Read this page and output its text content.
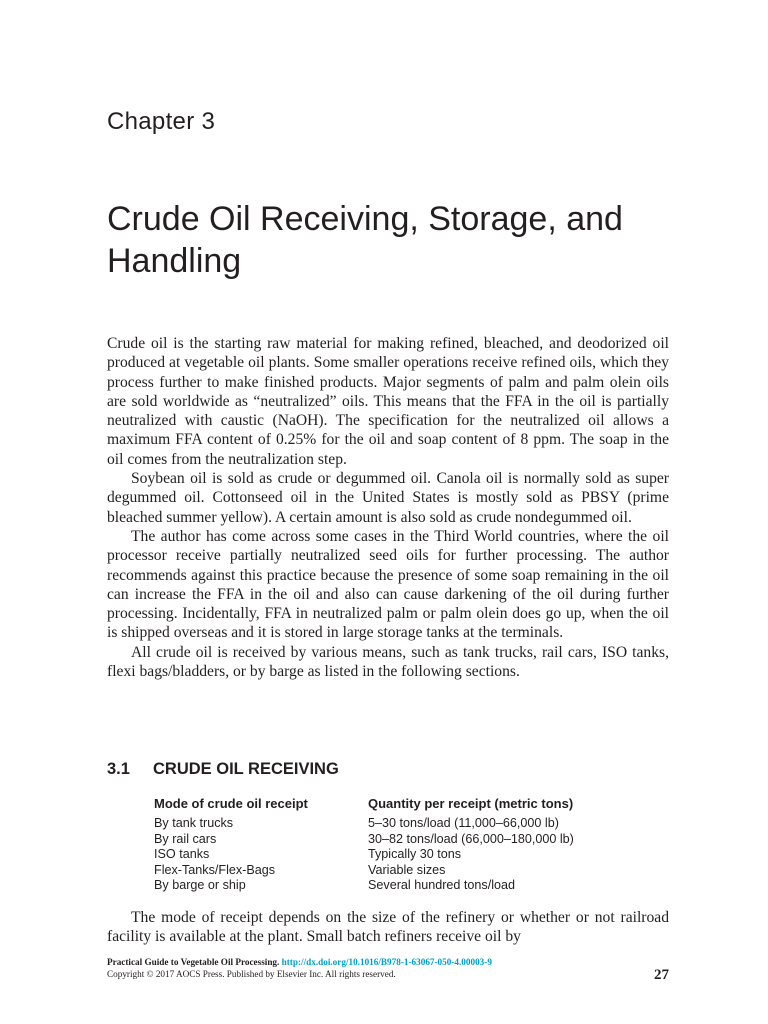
Chapter 3
Crude Oil Receiving, Storage, and Handling

Crude oil is the starting raw material for making refined, bleached, and deodorized oil produced at vegetable oil plants. Some smaller operations receive refined oils, which they process further to make finished products. Major segments of palm and palm olein oils are sold worldwide as “neutralized” oils. This means that the FFA in the oil is partially neutralized with caustic (NaOH). The specification for the neutralized oil allows a maximum FFA content of 0.25% for the oil and soap content of 8 ppm. The soap in the oil comes from the neutralization step.

Soybean oil is sold as crude or degummed oil. Canola oil is normally sold as super degummed oil. Cottonseed oil in the United States is mostly sold as PBSY (prime bleached summer yellow). A certain amount is also sold as crude nondegummed oil.

The author has come across some cases in the Third World countries, where the oil processor receive partially neutralized seed oils for further processing. The author recommends against this practice because the presence of some soap remaining in the oil can increase the FFA in the oil and also can cause darkening of the oil during further processing. Incidentally, FFA in neutralized palm or palm olein does go up, when the oil is shipped overseas and it is stored in large storage tanks at the terminals.

All crude oil is received by various means, such as tank trucks, rail cars, ISO tanks, flexi bags/bladders, or by barge as listed in the following sections.

3.1 CRUDE OIL RECEIVING
Mode of crude oil receipt	Quantity per receipt (metric tons)
By tank trucks	5–30 tons/load (11,000–66,000 lb)
By rail cars	30–82 tons/load (66,000–180,000 lb)
ISO tanks	Typically 30 tons
Flex-Tanks/Flex-Bags	Variable sizes
By barge or ship	Several hundred tons/load

The mode of receipt depends on the size of the refinery or whether or not railroad facility is available at the plant. Small batch refiners receive oil by

Practical Guide to Vegetable Oil Processing. http://dx.doi.org/10.1016/B978-1-63067-050-4.00003-9
Copyright © 2017 AOCS Press. Published by Elsevier Inc. All rights reserved.	27
